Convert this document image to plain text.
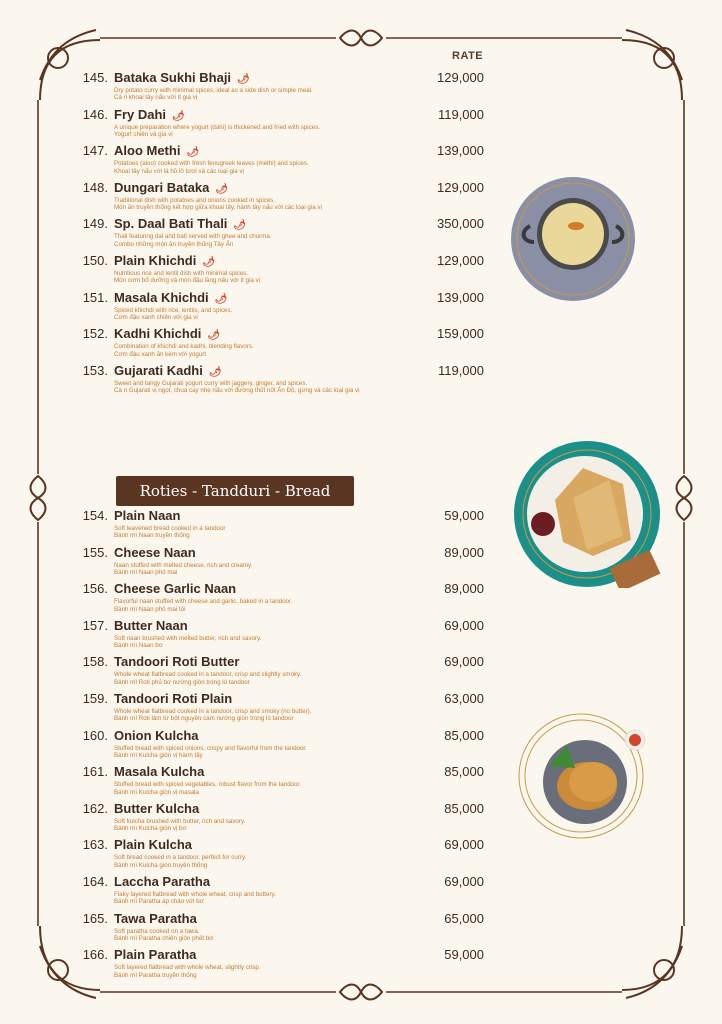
RATE
Roties - Tandduri - Bread
145. Bataka Sukhi Bhaji 🌶	129,000
Dry potato curry with minimal spices, ideal as a side dish or simple meal.
Cà ri khoai tây nấu với ít gia vị
146. Fry Dahi 🌶	119,000
A unique preparation where yogurt (dahi) is thickened and fried with spices.
Yogurt chiên và gia vị
147. Aloo Methi 🌶	139,000
Potatoes (aloo) cooked with fresh fenugreek leaves (methi) and spices.
Khoai tây nấu với lá hồ lô tươi và các loại gia vị
148. Dungari Bataka 🌶	129,000
Traditional dish with potatoes and onions cooked in spices.
Món ăn truyền thống kết hợp giữa khoai tây, hành tây nấu với các loại gia vị
149. Sp. Daal Bati Thali 🌶	350,000
Thali featuring dal and bati served with ghee and churma.
Combo những món ăn truyền thống Tây Ấn
150. Plain Khichdi 🌶	129,000
Nutritious rice and lentil dish with minimal spices.
Món cơm bổ dưỡng và món đậu lăng nấu với ít gia vị
151. Masala Khichdi 🌶	139,000
Spiced khichdi with rice, lentils, and spices.
Cơm đậu xanh chiên với gia vị
152. Kadhi Khichdi 🌶	159,000
Combination of khichdi and kadhi, blending flavors.
Cơm đậu xanh ăn kèm với yogurt
153. Gujarati Kadhi 🌶	119,000
Sweet and tangy Gujarati yogurt curry with jaggery, ginger, and spices.
Cà ri Gujarati vị ngọt, chua cay nhẹ nấu với đường thốt nốt Ấn Độ, gừng và các loại gia vị
154. Plain Naan	59,000
Soft leavened bread cooked in a tandoor
Bánh mì Naan truyền thống
155. Cheese Naan	89,000
Naan stuffed with melted cheese, rich and creamy.
Bánh mì Naan phô mai
156. Cheese Garlic Naan	89,000
Flavorful naan stuffed with cheese and garlic, baked in a tandoor.
Bánh mì Naan phô mai tỏi
157. Butter Naan	69,000
Soft naan brushed with melted butter, rich and savory.
Bánh mì Naan bơ
158. Tandoori Roti Butter	69,000
Whole wheat flatbread cooked in a tandoor, crisp and slightly smoky.
Bánh mì Roti phủ bơ nướng giòn trong lò tandoor
159. Tandoori Roti Plain	63,000
Whole wheat flatbread cooked in a tandoor, crisp and smoky (no butter).
Bánh mì Roti làm từ bột nguyên cám nướng giòn trong lò tandoor
160. Onion Kulcha	85,000
Stuffed bread with spiced onions, crispy and flavorful from the tandoor.
Bánh mì Kulcha giòn vị hành tây
161. Masala Kulcha	85,000
Stuffed bread with spiced vegetables, robust flavor from the tandoor.
Bánh mì Kulcha giòn vị masala
162. Butter Kulcha	85,000
Soft kulcha brushed with butter, rich and savory.
Bánh mì Kulcha giòn vị bơ
163. Plain Kulcha	69,000
Soft bread cooked in a tandoor, perfect for curry.
Bánh mì Kulcha giòn truyền thống
164. Laccha Paratha	69,000
Flaky layered flatbread with whole wheat, crisp and buttery.
Bánh mì Paratha áp chảo với bơ
165. Tawa Paratha	65,000
Soft paratha cooked on a tawa.
Bánh mì Paratha chiên giòn phết bơ
166. Plain Paratha	59,000
Soft layered flatbread with whole wheat, slightly crisp.
Bánh mì Paratha truyền thống
